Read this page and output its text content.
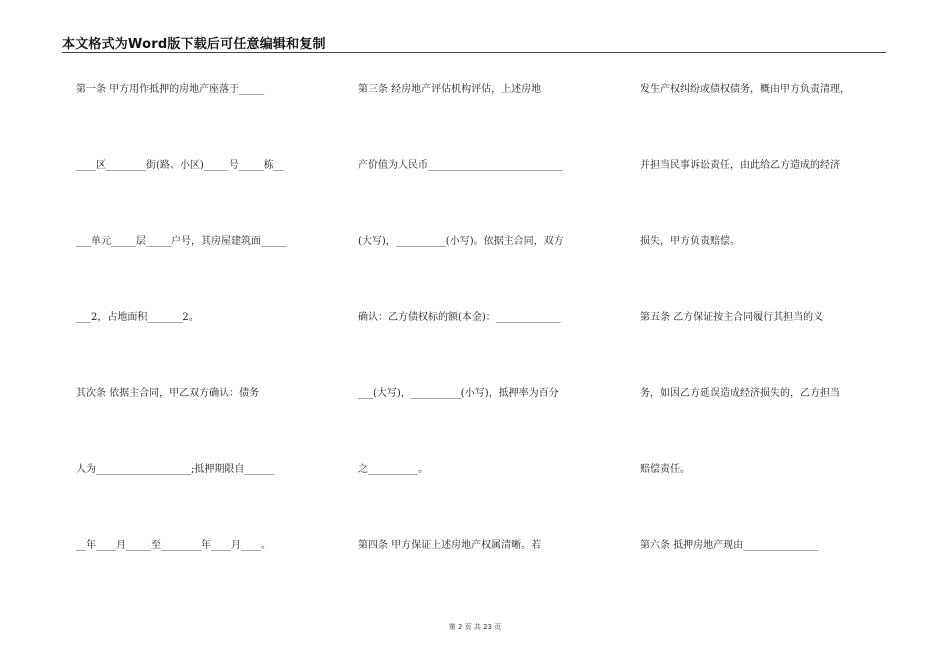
本文格式为Word版下载后可任意编辑和复制
第一条 甲方用作抵押的房地产座落于_____
____区________街(路、小区)_____号_____栋__
___单元_____层_____户号，其房屋建筑面_____
___2，占地面积_______2。
其次条 依据主合同，甲乙双方确认：债务
人为___________________;抵押期限自______
__年____月_____至________年____月____。
第三条 经房地产评估机构评估，上述房地
产价值为人民币___________________________
(大写)，__________(小写)。依据主合同，双方
确认：乙方债权标的额(本金)：_____________
___(大写)，__________(小写)，抵押率为百分
之__________。
第四条 甲方保证上述房地产权属清晰。若
发生产权纠纷或债权债务，概由甲方负责清理，
并担当民事诉讼责任，由此给乙方造成的经济
损失，甲方负责赔偿。
第五条 乙方保证按主合同履行其担当的义
务，如因乙方延误造成经济损失的，乙方担当
赔偿责任。
第六条 抵押房地产现由_______________
第 2 页 共 23 页
